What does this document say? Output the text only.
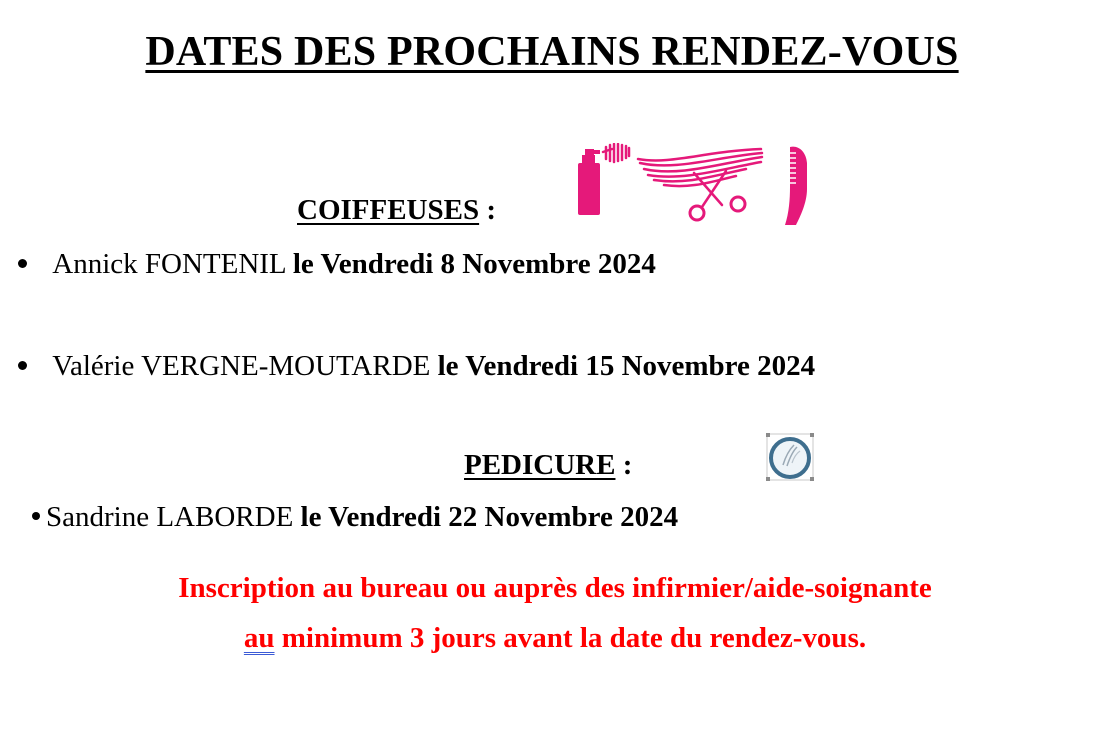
DATES DES PROCHAINS RENDEZ-VOUS
COIFFEUSES :
Annick FONTENIL le Vendredi 8 Novembre 2024
Valérie VERGNE-MOUTARDE le Vendredi 15 Novembre 2024
PEDICURE :
Sandrine LABORDE le Vendredi 22 Novembre 2024
Inscription au bureau ou auprès des infirmier/aide-soignante
au minimum 3 jours avant la date du rendez-vous.
